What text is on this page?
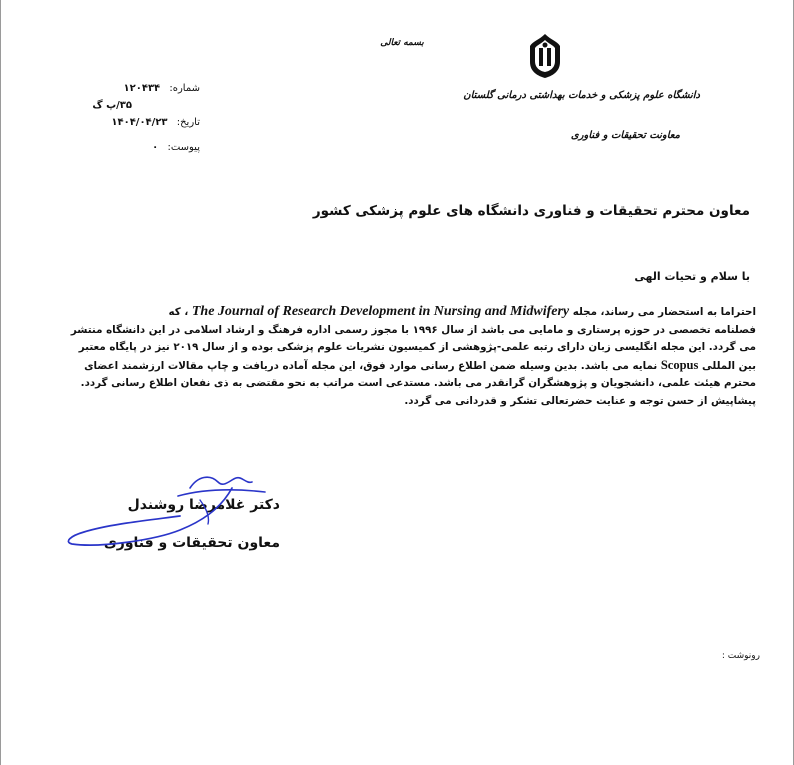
بسمه تعالی
دانشگاه علوم پزشکی و خدمات بهداشتی درمانی گلستان
معاونت تحقیقات و فناوری
شماره: ۱۲۰۴۳۴
۳۵/پ گ
تاریخ: ۱۴۰۴/۰۴/۲۳
پیوست: ۰
معاون محترم تحقیقات و فناوری دانشگاه های علوم پزشکی کشور
با سلام و تحیات الهی
احتراما به استحضار می رساند، مجله The Journal of Research Development in Nursing and Midwifery ، که
فصلنامه تخصصی در حوزه پرستاری و مامایی می باشد از سال ۱۹۹۶ با مجوز رسمی اداره فرهنگ و ارشاد اسلامی در این دانشگاه منتشر
می گردد. این مجله انگلیسی زبان دارای رتبه علمی-پژوهشی از کمیسیون نشریات علوم پزشکی بوده و از سال ۲۰۱۹ نیز در پایگاه معتبر
بین المللی Scopus نمایه می باشد. بدین وسیله ضمن اطلاع رسانی موارد فوق، این مجله آماده دریافت و چاپ مقالات ارزشمند اعضای
محترم هیئت علمی، دانشجویان و پژوهشگران گرانقدر می باشد. مستدعی است مراتب به نحو مقتضی به ذی نفعان اطلاع رسانی گردد.
پیشاپیش از حسن توجه و عنایت حضرتعالی تشکر و قدردانی می گردد.
دکتر غلامرضا روشندل
معاون تحقیقات و فناوری
رونوشت :
